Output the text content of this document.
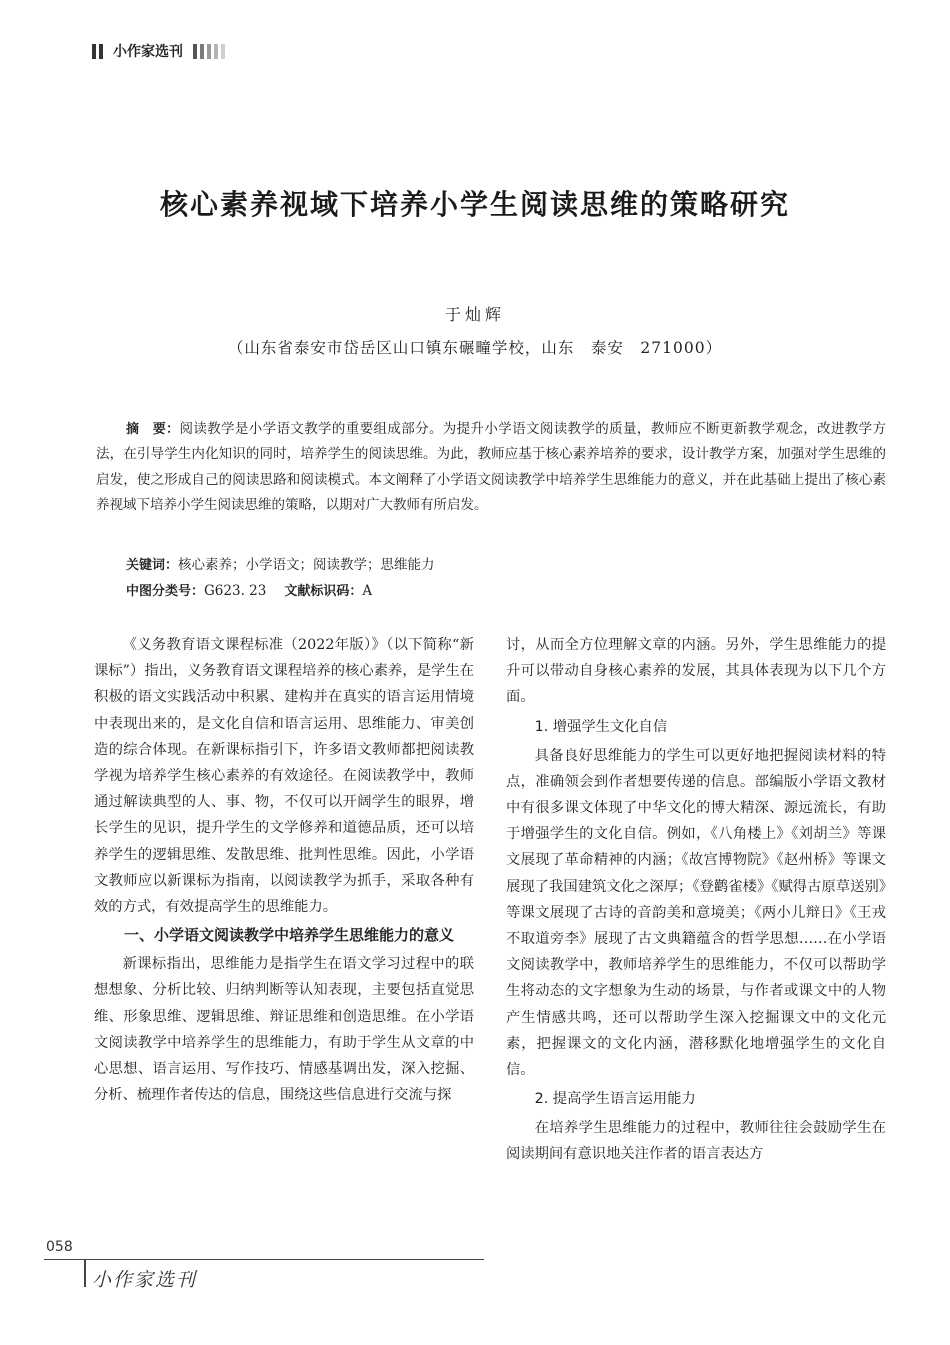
小作家选刊
核心素养视域下培养小学生阅读思维的策略研究
于灿辉
（山东省泰安市岱岳区山口镇东碾疃学校，山东　泰安　271000）

摘　要：阅读教学是小学语文教学的重要组成部分。为提升小学语文阅读教学的质量，教师应不断更新教学观念，改进教学方法，在引导学生内化知识的同时，培养学生的阅读思维。为此，教师应基于核心素养培养的要求，设计教学方案，加强对学生思维的启发，使之形成自己的阅读思路和阅读模式。本文阐释了小学语文阅读教学中培养学生思维能力的意义，并在此基础上提出了核心素养视域下培养小学生阅读思维的策略，以期对广大教师有所启发。

关键词：核心素养；小学语文；阅读教学；思维能力
中图分类号：G623. 23 文献标识码：A

《义务教育语文课程标准（2022年版）》（以下简称“新课标”）指出，义务教育语文课程培养的核心素养，是学生在积极的语文实践活动中积累、建构并在真实的语言运用情境中表现出来的，是文化自信和语言运用、思维能力、审美创造的综合体现。在新课标指引下，许多语文教师都把阅读教学视为培养学生核心素养的有效途径。在阅读教学中，教师通过解读典型的人、事、物，不仅可以开阔学生的眼界，增长学生的见识，提升学生的文学修养和道德品质，还可以培养学生的逻辑思维、发散思维、批判性思维。因此，小学语文教师应以新课标为指南，以阅读教学为抓手，采取各种有效的方式，有效提高学生的思维能力。

一、小学语文阅读教学中培养学生思维能力的意义

新课标指出，思维能力是指学生在语文学习过程中的联想想象、分析比较、归纳判断等认知表现，主要包括直觉思维、形象思维、逻辑思维、辩证思维和创造思维。在小学语文阅读教学中培养学生的思维能力，有助于学生从文章的中心思想、语言运用、写作技巧、情感基调出发，深入挖掘、分析、梳理作者传达的信息，围绕这些信息进行交流与探

讨，从而全方位理解文章的内涵。另外，学生思维能力的提升可以带动自身核心素养的发展，其具体表现为以下几个方面。

1. 增强学生文化自信

具备良好思维能力的学生可以更好地把握阅读材料的特点，准确领会到作者想要传递的信息。部编版小学语文教材中有很多课文体现了中华文化的博大精深、源远流长，有助于增强学生的文化自信。例如，《八角楼上》《刘胡兰》等课文展现了革命精神的内涵；《故宫博物院》《赵州桥》等课文展现了我国建筑文化之深厚；《登鹳雀楼》《赋得古原草送别》等课文展现了古诗的音韵美和意境美；《两小儿辩日》《王戎不取道旁李》展现了古文典籍蕴含的哲学思想……在小学语文阅读教学中，教师培养学生的思维能力，不仅可以帮助学生将动态的文字想象为生动的场景，与作者或课文中的人物产生情感共鸣，还可以帮助学生深入挖掘课文中的文化元素，把握课文的文化内涵，潜移默化地增强学生的文化自信。

2. 提高学生语言运用能力

在培养学生思维能力的过程中，教师往往会鼓励学生在阅读期间有意识地关注作者的语言表达方

058
小作家选刊
